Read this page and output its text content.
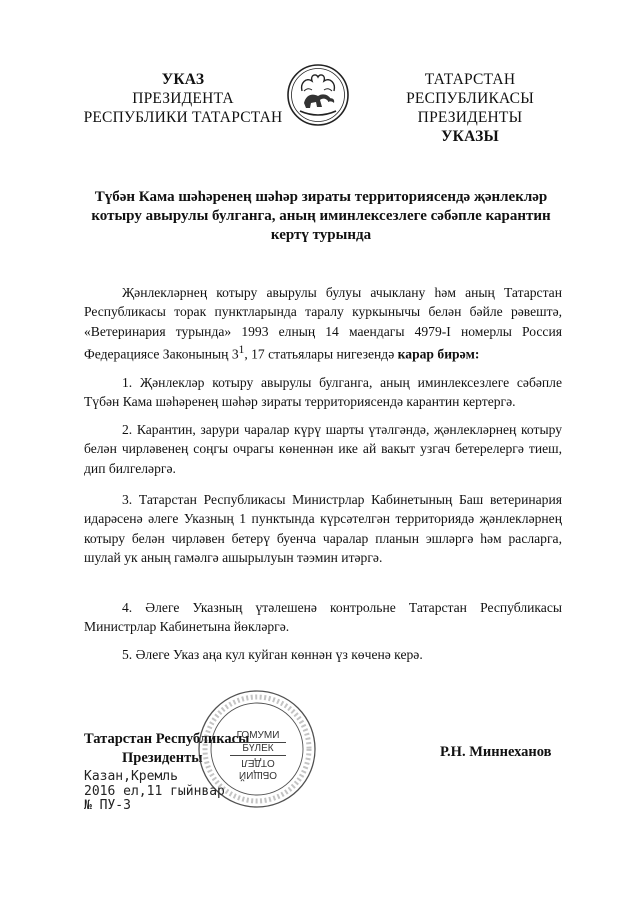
УКАЗ
ПРЕЗИДЕНТА
РЕСПУБЛИКИ ТАТАРСТАН
ТАТАРСТАН РЕСПУБЛИКАСЫ
ПРЕЗИДЕНТЫ
УКАЗЫ
Түбән Кама шәһәренең шәһәр зираты территориясендә җәнлекләр котыру авырулы булганга, аның иминлексезлеге сәбәпле карантин кертү турында
Җәнлекләрнең котыру авырулы булуы ачыклану һәм аның Татарстан Республикасы торак пунктларында таралу куркынычы белән бәйле рәвештә, «Ветеринария турында» 1993 елның 14 маендагы 4979-I номерлы Россия Федерациясе Законының $3^1$, 17 статьялары нигезендә карар бирәм:
1. Җәнлекләр котыру авырулы булганга, аның иминлексезлеге сәбәпле Түбән Кама шәһәренең шәһәр зираты территориясендә карантин кертергә.
2. Карантин, зарури чаралар күрү шарты үтәлгәндә, җәнлекләрнең котыру белән чирләвенең соңгы очрагы көненнән ике ай вакыт узгач бетерелергә тиеш, дип билгеләргә.
3. Татарстан Республикасы Министрлар Кабинетының Баш ветеринария идарәсенә әлеге Указның 1 пунктында күрсәтелгән территориядә җәнлекләрнең котыру белән чирләвен бетерү буенча чаралар планын эшләргә һәм расларга, шулай ук аның гамәлгә ашырылуын тәэмин итәргә.
4. Әлеге Указның үтәлешенә контрольне Татарстан Республикасы Министрлар Кабинетына йөкләргә.
5. Әлеге Указ аңа кул куйган көннән үз көченә керә.
Татарстан Республикасы
Президенты	Р.Н. Миннеханов
Казан,Кремль
2016 ел,11 гыйнвар
№ ПУ-3
ГОМУМИ
БҮЛЕК
ОТДЕЛ
ОБЩИЙ
